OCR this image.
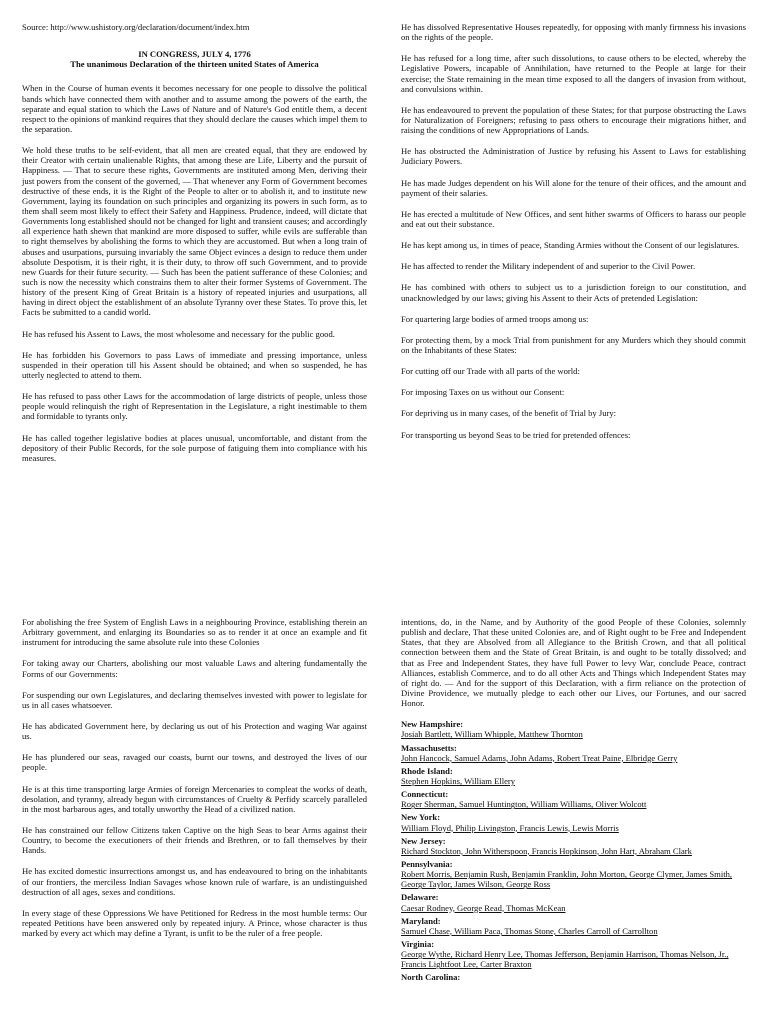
Source: http://www.ushistory.org/declaration/document/index.htm

IN CONGRESS, JULY 4, 1776

The unanimous Declaration of the thirteen united States of America

When in the Course of human events it becomes necessary for one people to dissolve the political bands which have connected them with another and to assume among the powers of the earth, the separate and equal station to which the Laws of Nature and of Nature's God entitle them, a decent respect to the opinions of mankind requires that they should declare the causes which impel them to the separation.

We hold these truths to be self-evident, that all men are created equal, that they are endowed by their Creator with certain unalienable Rights, that among these are Life, Liberty and the pursuit of Happiness. — That to secure these rights, Governments are instituted among Men, deriving their just powers from the consent of the governed, — That whenever any Form of Government becomes destructive of these ends, it is the Right of the People to alter or to abolish it, and to institute new Government, laying its foundation on such principles and organizing its powers in such form, as to them shall seem most likely to effect their Safety and Happiness. Prudence, indeed, will dictate that Governments long established should not be changed for light and transient causes; and accordingly all experience hath shewn that mankind are more disposed to suffer, while evils are sufferable than to right themselves by abolishing the forms to which they are accustomed. But when a long train of abuses and usurpations, pursuing invariably the same Object evinces a design to reduce them under absolute Despotism, it is their right, it is their duty, to throw off such Government, and to provide new Guards for their future security. — Such has been the patient sufferance of these Colonies; and such is now the necessity which constrains them to alter their former Systems of Government. The history of the present King of Great Britain is a history of repeated injuries and usurpations, all having in direct object the establishment of an absolute Tyranny over these States. To prove this, let Facts be submitted to a candid world.

He has refused his Assent to Laws, the most wholesome and necessary for the public good.

He has forbidden his Governors to pass Laws of immediate and pressing importance, unless suspended in their operation till his Assent should be obtained; and when so suspended, he has utterly neglected to attend to them.

He has refused to pass other Laws for the accommodation of large districts of people, unless those people would relinquish the right of Representation in the Legislature, a right inestimable to them and formidable to tyrants only.

He has called together legislative bodies at places unusual, uncomfortable, and distant from the depository of their Public Records, for the sole purpose of fatiguing them into compliance with his measures.

He has dissolved Representative Houses repeatedly, for opposing with manly firmness his invasions on the rights of the people.

He has refused for a long time, after such dissolutions, to cause others to be elected, whereby the Legislative Powers, incapable of Annihilation, have returned to the People at large for their exercise; the State remaining in the mean time exposed to all the dangers of invasion from without, and convulsions within.

He has endeavoured to prevent the population of these States; for that purpose obstructing the Laws for Naturalization of Foreigners; refusing to pass others to encourage their migrations hither, and raising the conditions of new Appropriations of Lands.

He has obstructed the Administration of Justice by refusing his Assent to Laws for establishing Judiciary Powers.

He has made Judges dependent on his Will alone for the tenure of their offices, and the amount and payment of their salaries.

He has erected a multitude of New Offices, and sent hither swarms of Officers to harass our people and eat out their substance.

He has kept among us, in times of peace, Standing Armies without the Consent of our legislatures.

He has affected to render the Military independent of and superior to the Civil Power.

He has combined with others to subject us to a jurisdiction foreign to our constitution, and unacknowledged by our laws; giving his Assent to their Acts of pretended Legislation:

For quartering large bodies of armed troops among us:

For protecting them, by a mock Trial from punishment for any Murders which they should commit on the Inhabitants of these States:

For cutting off our Trade with all parts of the world:

For imposing Taxes on us without our Consent:

For depriving us in many cases, of the benefit of Trial by Jury:

For transporting us beyond Seas to be tried for pretended offences:

For abolishing the free System of English Laws in a neighbouring Province, establishing therein an Arbitrary government, and enlarging its Boundaries so as to render it at once an example and fit instrument for introducing the same absolute rule into these Colonies

For taking away our Charters, abolishing our most valuable Laws and altering fundamentally the Forms of our Governments:

For suspending our own Legislatures, and declaring themselves invested with power to legislate for us in all cases whatsoever.

He has abdicated Government here, by declaring us out of his Protection and waging War against us.

He has plundered our seas, ravaged our coasts, burnt our towns, and destroyed the lives of our people.

He is at this time transporting large Armies of foreign Mercenaries to compleat the works of death, desolation, and tyranny, already begun with circumstances of Cruelty & Perfidy scarcely paralleled in the most barbarous ages, and totally unworthy the Head of a civilized nation.

He has constrained our fellow Citizens taken Captive on the high Seas to bear Arms against their Country, to become the executioners of their friends and Brethren, or to fall themselves by their Hands.

He has excited domestic insurrections amongst us, and has endeavoured to bring on the inhabitants of our frontiers, the merciless Indian Savages whose known rule of warfare, is an undistinguished destruction of all ages, sexes and conditions.

In every stage of these Oppressions We have Petitioned for Redress in the most humble terms: Our repeated Petitions have been answered only by repeated injury. A Prince, whose character is thus marked by every act which may define a Tyrant, is unfit to be the ruler of a free people.

intentions, do, in the Name, and by Authority of the good People of these Colonies, solemnly publish and declare, That these united Colonies are, and of Right ought to be Free and Independent States, that they are Absolved from all Allegiance to the British Crown, and that all political connection between them and the State of Great Britain, is and ought to be totally dissolved; and that as Free and Independent States, they have full Power to levy War, conclude Peace, contract Alliances, establish Commerce, and to do all other Acts and Things which Independent States may of right do. — And for the support of this Declaration, with a firm reliance on the protection of Divine Providence, we mutually pledge to each other our Lives, our Fortunes, and our sacred Honor.

New Hampshire:
Josiah Bartlett, William Whipple, Matthew Thornton
Massachusetts:
John Hancock, Samuel Adams, John Adams, Robert Treat Paine, Elbridge Gerry
Rhode Island:
Stephen Hopkins, William Ellery
Connecticut:
Roger Sherman, Samuel Huntington, William Williams, Oliver Wolcott
New York:
William Floyd, Philip Livingston, Francis Lewis, Lewis Morris
New Jersey:
Richard Stockton, John Witherspoon, Francis Hopkinson, John Hart, Abraham Clark
Pennsylvania:
Robert Morris, Benjamin Rush, Benjamin Franklin, John Morton, George Clymer, James Smith, George Taylor, James Wilson, George Ross
Delaware:
Caesar Rodney, George Read, Thomas McKean
Maryland:
Samuel Chase, William Paca, Thomas Stone, Charles Carroll of Carrollton
Virginia:
George Wythe, Richard Henry Lee, Thomas Jefferson, Benjamin Harrison, Thomas Nelson, Jr., Francis Lightfoot Lee, Carter Braxton
North Carolina:
